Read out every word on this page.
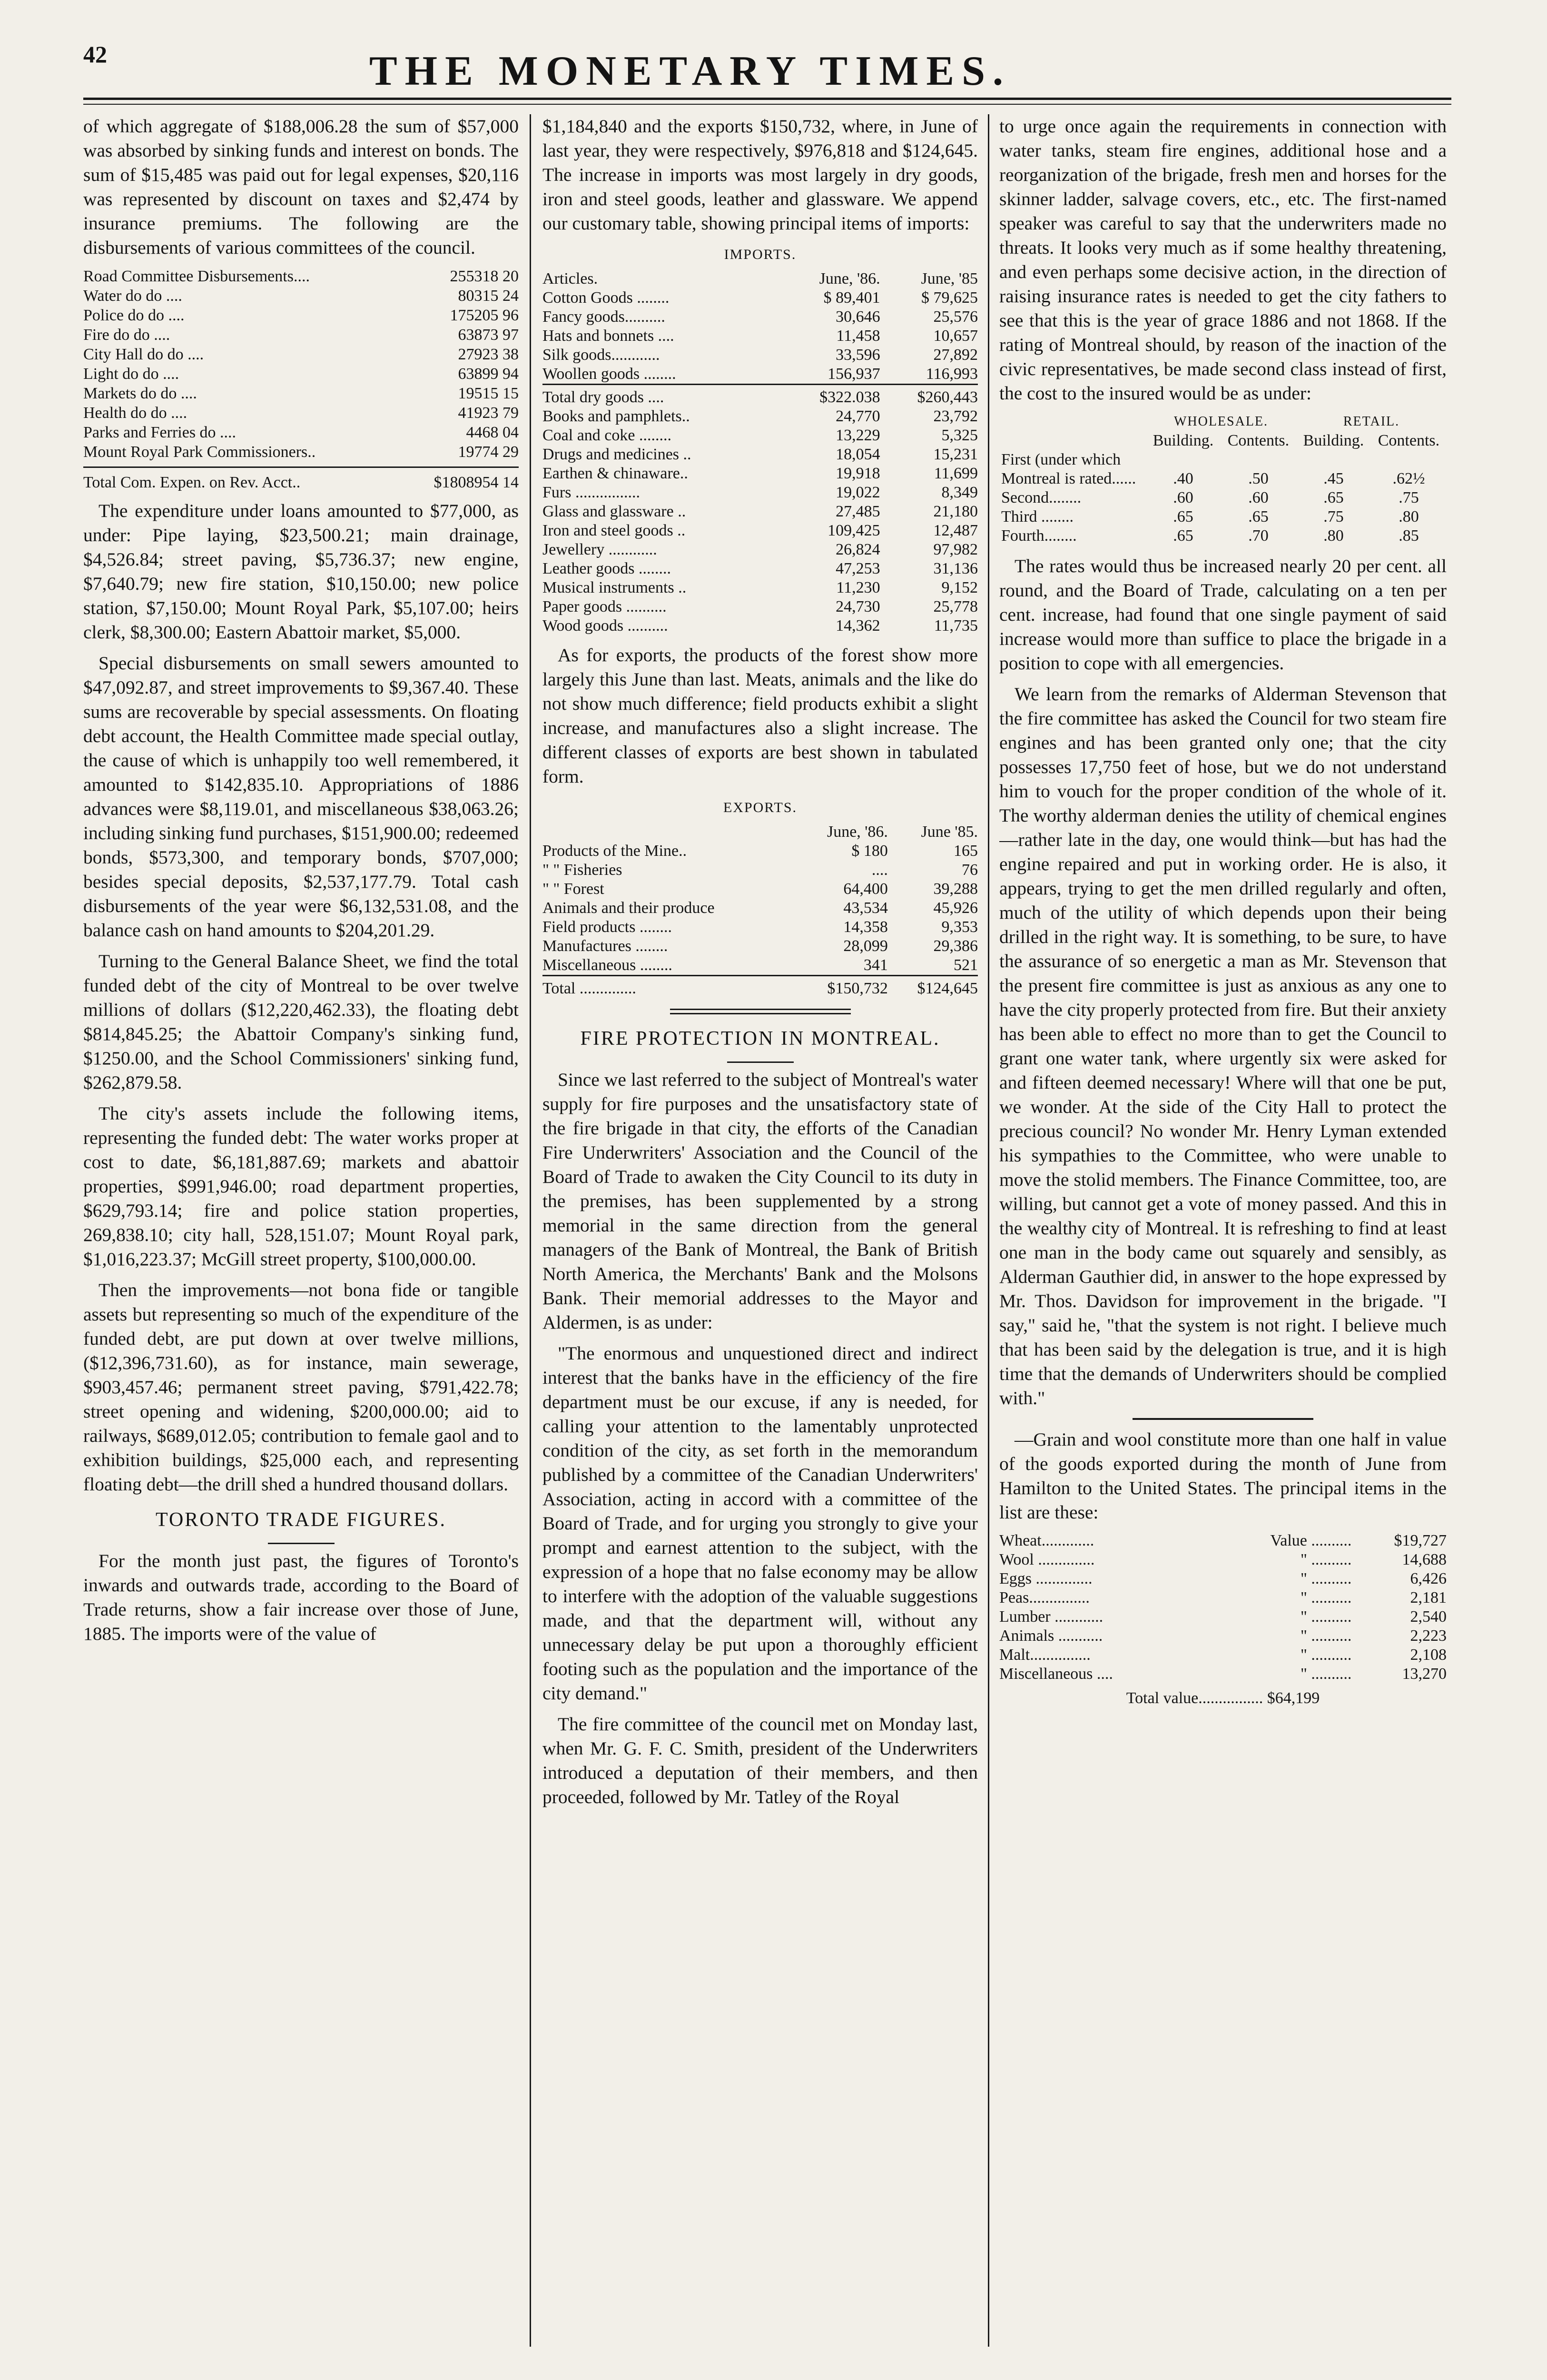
42	THE MONETARY TIMES.

of which aggregate of $188,006.28 the sum of $57,000 was absorbed by sinking funds and interest on bonds. The sum of $15,485 was paid out for legal expenses, $20,116 was represented by discount on taxes and $2,474 by insurance premiums. The following are the disbursements of various committees of the council.

Road Committee Disbursements....	255318 20
Water do do ....	80315 24
Police do do ....	175205 96
Fire do do ....	63873 97
City Hall do do ....	27923 38
Light do do ....	63899 94
Markets do do ....	19515 15
Health do do ....	41923 79
Parks and Ferries do ....	4468 04
Mount Royal Park Commissioners..	19774 29
Total Com. Expen. on Rev. Acct..	$1808954 14

The expenditure under loans amounted to $77,000, as under: Pipe laying, $23,500.21; main drainage, $4,526.84; street paving, $5,736.37; new engine, $7,640.79; new fire station, $10,150.00; new police station, $7,150.00; Mount Royal Park, $5,107.00; heirs clerk, $8,300.00; Eastern Abattoir market, $5,000.

Special disbursements on small sewers amounted to $47,092.87, and street improvements to $9,367.40. These sums are recoverable by special assessments. On floating debt account, the Health Committee made special outlay, the cause of which is unhappily too well remembered, it amounted to $142,835.10. Appropriations of 1886 advances were $8,119.01, and miscellaneous $38,063.26; including sinking fund purchases, $151,900.00; redeemed bonds, $573,300, and temporary bonds, $707,000; besides special deposits, $2,537,177.79. Total cash disbursements of the year were $6,132,531.08, and the balance cash on hand amounts to $204,201.29.

Turning to the General Balance Sheet, we find the total funded debt of the city of Montreal to be over twelve millions of dollars ($12,220,462.33), the floating debt $814,845.25; the Abattoir Company's sinking fund, $1250.00, and the School Commissioners' sinking fund, $262,879.58.

The city's assets include the following items, representing the funded debt: The water works proper at cost to date, $6,181,887.69; markets and abattoir properties, $991,946.00; road department properties, $629,793.14; fire and police station properties, 269,838.10; city hall, 528,151.07; Mount Royal park, $1,016,223.37; McGill street property, $100,000.00.

Then the improvements—not bona fide or tangible assets but representing so much of the expenditure of the funded debt, are put down at over twelve millions, ($12,396,731.60), as for instance, main sewerage, $903,457.46; permanent street paving, $791,422.78; street opening and widening, $200,000.00; aid to railways, $689,012.05; contribution to female gaol and to exhibition buildings, $25,000 each, and representing floating debt—the drill shed a hundred thousand dollars.

TORONTO TRADE FIGURES.

For the month just past, the figures of Toronto's inwards and outwards trade, according to the Board of Trade returns, show a fair increase over those of June, 1885. The imports were of the value of

$1,184,840 and the exports $150,732, where, in June of last year, they were respectively, $976,818 and $124,645. The increase in imports was most largely in dry goods, iron and steel goods, leather and glassware. We append our customary table, showing principal items of imports:

IMPORTS.
Articles.	June, '86.	June, '85
Cotton Goods ........	$ 89,401	$ 79,625
Fancy goods..........	30,646	25,576
Hats and bonnets ....	11,458	10,657
Silk goods............	33,596	27,892
Woollen goods ........	156,937	116,993
Total dry goods ....	$322.038	$260,443
Books and pamphlets..	24,770	23,792
Coal and coke ........	13,229	5,325
Drugs and medicines ..	18,054	15,231
Earthen & chinaware..	19,918	11,699
Furs ................	19,022	8,349
Glass and glassware ..	27,485	21,180
Iron and steel goods ..	109,425	12,487
Jewellery ............	26,824	97,982
Leather goods ........	47,253	31,136
Musical instruments ..	11,230	9,152
Paper goods ..........	24,730	25,778
Wood goods ..........	14,362	11,735

As for exports, the products of the forest show more largely this June than last. Meats, animals and the like do not show much difference; field products exhibit a slight increase, and manufactures also a slight increase. The different classes of exports are best shown in tabulated form.

EXPORTS.
	June, '86.	June '85.
Products of the Mine..	$ 180	165
" " Fisheries	....	76
" " Forest	64,400	39,288
Animals and their produce	43,534	45,926
Field products ........	14,358	9,353
Manufactures ........	28,099	29,386
Miscellaneous ........	341	521
Total ..............	$150,732	$124,645
FIRE PROTECTION IN MONTREAL.

Since we last referred to the subject of Montreal's water supply for fire purposes and the unsatisfactory state of the fire brigade in that city, the efforts of the Canadian Fire Underwriters' Association and the Council of the Board of Trade to awaken the City Council to its duty in the premises, has been supplemented by a strong memorial in the same direction from the general managers of the Bank of Montreal, the Bank of British North America, the Merchants' Bank and the Molsons Bank. Their memorial addresses to the Mayor and Aldermen, is as under:

"The enormous and unquestioned direct and indirect interest that the banks have in the efficiency of the fire department must be our excuse, if any is needed, for calling your attention to the lamentably unprotected condition of the city, as set forth in the memorandum published by a committee of the Canadian Underwriters' Association, acting in accord with a committee of the Board of Trade, and for urging you strongly to give your prompt and earnest attention to the subject, with the expression of a hope that no false economy may be allow to interfere with the adoption of the valuable suggestions made, and that the department will, without any unnecessary delay be put upon a thoroughly efficient footing such as the population and the importance of the city demand."

The fire committee of the council met on Monday last, when Mr. G. F. C. Smith, president of the Underwriters introduced a deputation of their members, and then proceeded, followed by Mr. Tatley of the Royal

to urge once again the requirements in connection with water tanks, steam fire engines, additional hose and a reorganization of the brigade, fresh men and horses for the skinner ladder, salvage covers, etc., etc. The first-named speaker was careful to say that the underwriters made no threats. It looks very much as if some healthy threatening, and even perhaps some decisive action, in the direction of raising insurance rates is needed to get the city fathers to see that this is the year of grace 1886 and not 1868. If the rating of Montreal should, by reason of the inaction of the civic representatives, be made second class instead of first, the cost to the insured would be as under:

	WHOLESALE.		RETAIL.	
	Building.	Contents.	Building.	Contents.
First (under which Montreal is rated......	.40	.50	.45	.62½
Second........	.60	.60	.65	.75
Third ........	.65	.65	.75	.80
Fourth........	.65	.70	.80	.85

The rates would thus be increased nearly 20 per cent. all round, and the Board of Trade, calculating on a ten per cent. increase, had found that one single payment of said increase would more than suffice to place the brigade in a position to cope with all emergencies.

We learn from the remarks of Alderman Stevenson that the fire committee has asked the Council for two steam fire engines and has been granted only one; that the city possesses 17,750 feet of hose, but we do not understand him to vouch for the proper condition of the whole of it. The worthy alderman denies the utility of chemical engines—rather late in the day, one would think—but has had the engine repaired and put in working order. He is also, it appears, trying to get the men drilled regularly and often, much of the utility of which depends upon their being drilled in the right way. It is something, to be sure, to have the assurance of so energetic a man as Mr. Stevenson that the present fire committee is just as anxious as any one to have the city properly protected from fire. But their anxiety has been able to effect no more than to get the Council to grant one water tank, where urgently six were asked for and fifteen deemed necessary! Where will that one be put, we wonder. At the side of the City Hall to protect the precious council? No wonder Mr. Henry Lyman extended his sympathies to the Committee, who were unable to move the stolid members. The Finance Committee, too, are willing, but cannot get a vote of money passed. And this in the wealthy city of Montreal. It is refreshing to find at least one man in the body came out squarely and sensibly, as Alderman Gauthier did, in answer to the hope expressed by Mr. Thos. Davidson for improvement in the brigade. "I say," said he, "that the system is not right. I believe much that has been said by the delegation is true, and it is high time that the demands of Underwriters should be complied with."

—Grain and wool constitute more than one half in value of the goods exported during the month of June from Hamilton to the United States. The principal items in the list are these:

Wheat.............	Value ..........	$19,727
Wool ..............	" ..........	14,688
Eggs ..............	" ..........	6,426
Peas...............	" ..........	2,181
Lumber ............	" ..........	2,540
Animals ...........	" ..........	2,223
Malt...............	" ..........	2,108
Miscellaneous ....	" ..........	13,270
Total value................ $64,199
